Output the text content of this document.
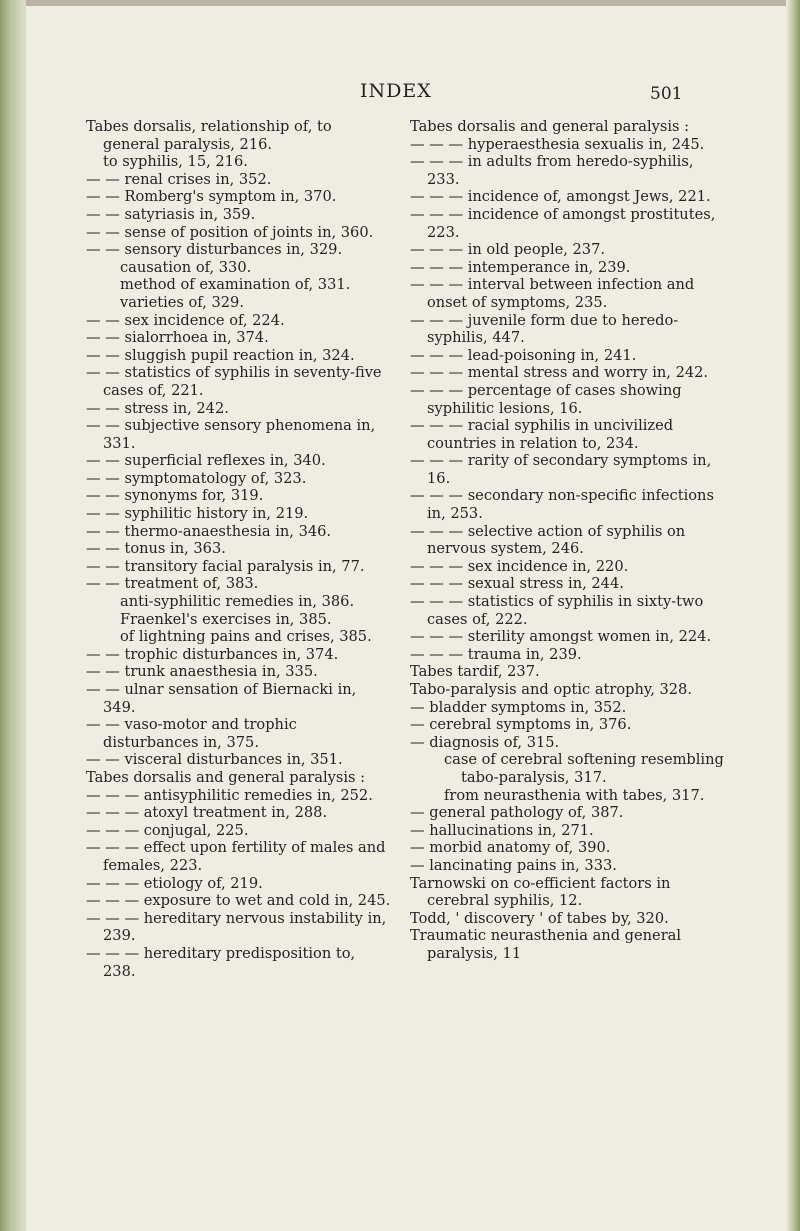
INDEX	501

Tabes dorsalis, relationship of, to general paralysis, 216.

to syphilis, 15, 216.

— — renal crises in, 352.

— — Romberg's symptom in, 370.

— — satyriasis in, 359.

— — sense of position of joints in, 360.

— — sensory disturbances in, 329.

causation of, 330.

method of examination of, 331.

varieties of, 329.

— — sex incidence of, 224.

— — sialorrhoea in, 374.

— — sluggish pupil reaction in, 324.

— — statistics of syphilis in seventy-five cases of, 221.

— — stress in, 242.

— — subjective sensory phenomena in, 331.

— — superficial reflexes in, 340.

— — symptomatology of, 323.

— — synonyms for, 319.

— — syphilitic history in, 219.

— — thermo-anaesthesia in, 346.

— — tonus in, 363.

— — transitory facial paralysis in, 77.

— — treatment of, 383.

anti-syphilitic remedies in, 386.

Fraenkel's exercises in, 385.

of lightning pains and crises, 385.

— — trophic disturbances in, 374.

— — trunk anaesthesia in, 335.

— — ulnar sensation of Biernacki in, 349.

— — vaso-motor and trophic disturbances in, 375.

— — visceral disturbances in, 351.

Tabes dorsalis and general paralysis :

— — — antisyphilitic remedies in, 252.

— — — atoxyl treatment in, 288.

— — — conjugal, 225.

— — — effect upon fertility of males and females, 223.

— — — etiology of, 219.

— — — exposure to wet and cold in, 245.

— — — hereditary nervous instability in, 239.

— — — hereditary predisposition to, 238.

Tabes dorsalis and general paralysis :

— — — hyperaesthesia sexualis in, 245.

— — — in adults from heredo-syphilis, 233.

— — — incidence of, amongst Jews, 221.

— — — incidence of amongst prostitutes, 223.

— — — in old people, 237.

— — — intemperance in, 239.

— — — interval between infection and onset of symptoms, 235.

— — — juvenile form due to heredo-syphilis, 447.

— — — lead-poisoning in, 241.

— — — mental stress and worry in, 242.

— — — percentage of cases showing syphilitic lesions, 16.

— — — racial syphilis in uncivilized countries in relation to, 234.

— — — rarity of secondary symptoms in, 16.

— — — secondary non-specific infections in, 253.

— — — selective action of syphilis on nervous system, 246.

— — — sex incidence in, 220.

— — — sexual stress in, 244.

— — — statistics of syphilis in sixty-two cases of, 222.

— — — sterility amongst women in, 224.

— — — trauma in, 239.

Tabes tardif, 237.

Tabo-paralysis and optic atrophy, 328.

— bladder symptoms in, 352.

— cerebral symptoms in, 376.

— diagnosis of, 315.

case of cerebral softening resembling tabo-paralysis, 317.

from neurasthenia with tabes, 317.

— general pathology of, 387.

— hallucinations in, 271.

— morbid anatomy of, 390.

— lancinating pains in, 333.

Tarnowski on co-efficient factors in cerebral syphilis, 12.

Todd, ' discovery ' of tabes by, 320.

Traumatic neurasthenia and general paralysis, 11
